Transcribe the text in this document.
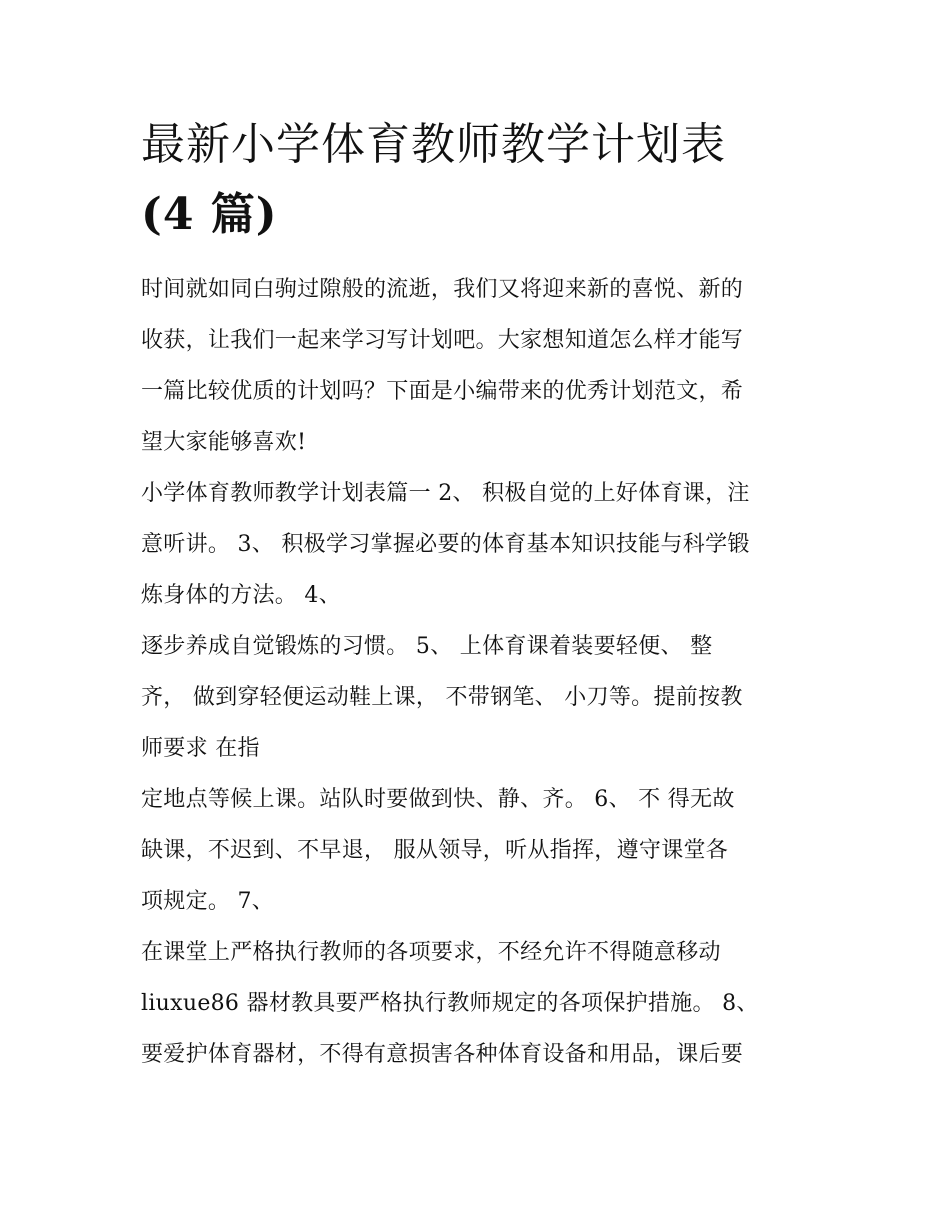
最新小学体育教师教学计划表
(4 篇)

时间就如同白驹过隙般的流逝，我们又将迎来新的喜悦、新的
收获，让我们一起来学习写计划吧。大家想知道怎么样才能写
一篇比较优质的计划吗？下面是小编带来的优秀计划范文，希
望大家能够喜欢!

小学体育教师教学计划表篇一 2、 积极自觉的上好体育课，注
意听讲。 3、 积极学习掌握必要的体育基本知识技能与科学锻
炼身体的方法。 4、

逐步养成自觉锻炼的习惯。 5、 上体育课着装要轻便、 整
齐， 做到穿轻便运动鞋上课， 不带钢笔、 小刀等。提前按教
师要求 在指

定地点等候上课。站队时要做到快、静、齐。 6、 不 得无故
缺课，不迟到、不早退， 服从领导，听从指挥，遵守课堂各
项规定。 7、

在课堂上严格执行教师的各项要求，不经允许不得随意移动
liuxue86 器材教具要严格执行教师规定的各项保护措施。 8、
要爱护体育器材，不得有意损害各种体育设备和用品，课后要
